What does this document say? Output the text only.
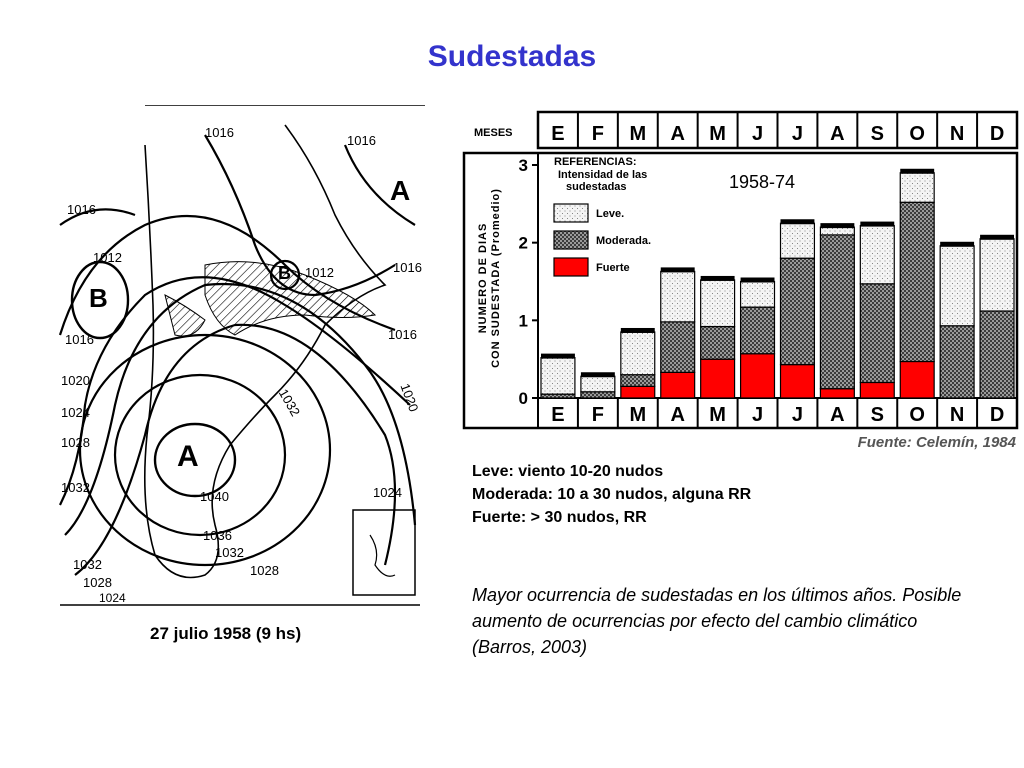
Sudestadas
1016
1016
1016
1012
B
1016
1020
1024
1028
1032
A
1040
1036
1032
1028
1032
1028
1024
B 1012	1016
1016
1020
1024
A
1032
27 julio 1958 (9 hs)
MESES E
E
F
F
M
M
A
A
M
M
J
J
J
J
A
A
S
S
O
O
N
N
D
D
0
1
2
3
NUMERO DE DIAS CON SUDESTADA (Promedio)
1958-74
REFERENCIAS:
Intensidad de las
sudestadas
Leve.
Moderada.
Fuerte
Fuente: Celemín, 1984
Leve: viento 10-20 nudos
Moderada: 10 a 30 nudos, alguna RR
Fuerte: > 30 nudos, RR
Mayor ocurrencia de sudestadas en los últimos años. Posible aumento de ocurrencias por efecto del cambio climático (Barros, 2003)
